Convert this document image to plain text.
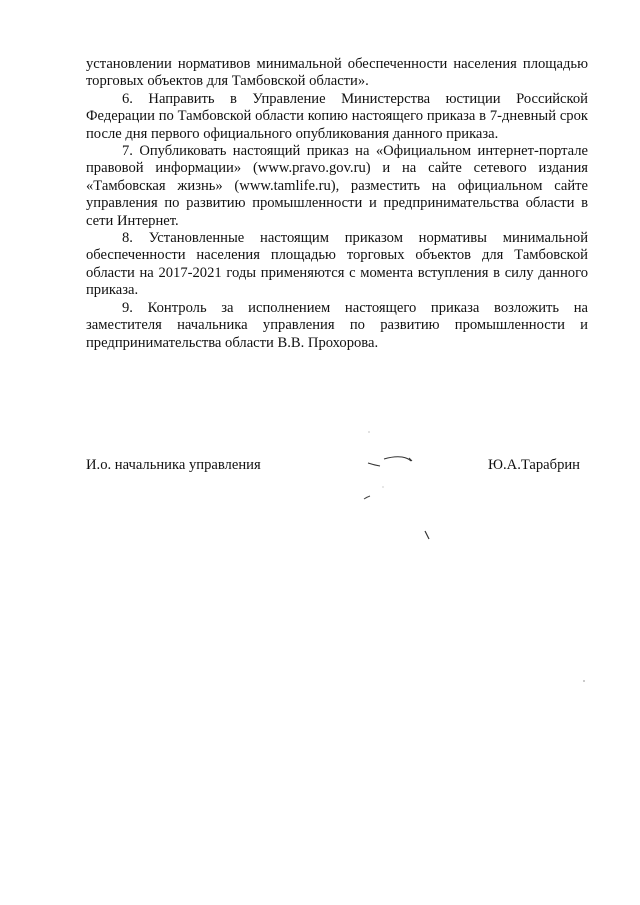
установлении нормативов минимальной обеспеченности населения площадью торговых объектов для Тамбовской области».

6. Направить в Управление Министерства юстиции Российской Федерации по Тамбовской области копию настоящего приказа в 7-дневный срок после дня первого официального опубликования данного приказа.

7. Опубликовать настоящий приказ на «Официальном интернет-портале правовой информации» (www.pravo.gov.ru) и на сайте сетевого издания «Тамбовская жизнь» (www.tamlife.ru), разместить на официальном сайте управления по развитию промышленности и предпринимательства области в сети Интернет.

8. Установленные настоящим приказом нормативы минимальной обеспеченности населения площадью торговых объектов для Тамбовской области на 2017-2021 годы применяются с момента вступления в силу данного приказа.

9. Контроль за исполнением настоящего приказа возложить на заместителя начальника управления по развитию промышленности и предпринимательства области В.В. Прохорова.

И.о. начальника управления	Ю.А.Тарабрин
